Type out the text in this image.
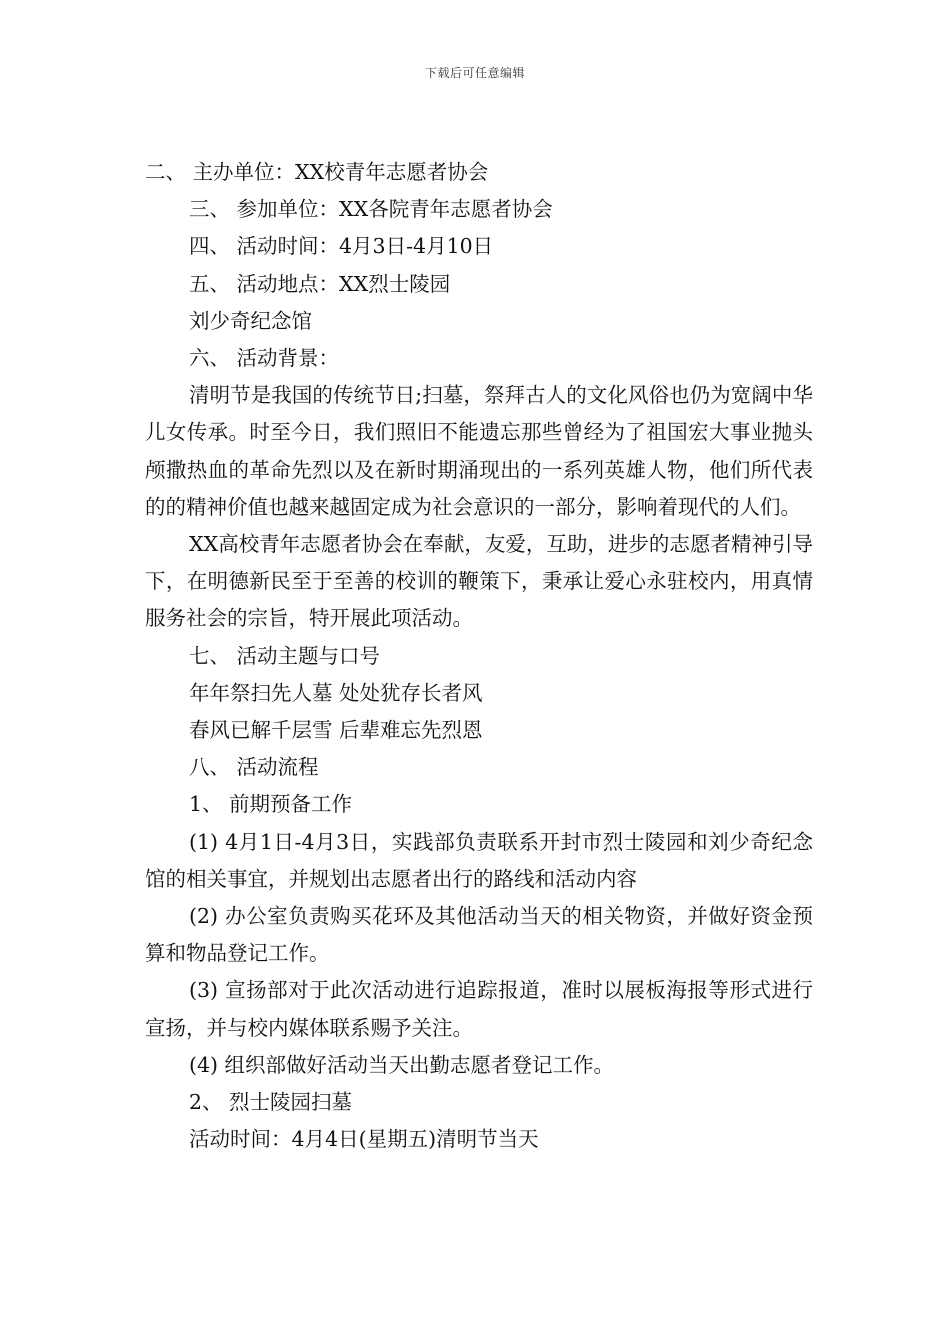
下载后可任意编辑

二、 主办单位：XX校青年志愿者协会

三、 参加单位：XX各院青年志愿者协会

四、 活动时间：4月3日-4月10日

五、 活动地点：XX烈士陵园

刘少奇纪念馆

六、 活动背景：

清明节是我国的传统节日;扫墓，祭拜古人的文化风俗也仍为宽阔中华儿女传承。时至今日，我们照旧不能遗忘那些曾经为了祖国宏大事业抛头颅撒热血的革命先烈以及在新时期涌现出的一系列英雄人物，他们所代表的的精神价值也越来越固定成为社会意识的一部分，影响着现代的人们。

XX高校青年志愿者协会在奉献，友爱，互助，进步的志愿者精神引导下，在明德新民至于至善的校训的鞭策下，秉承让爱心永驻校内，用真情服务社会的宗旨，特开展此项活动。

七、 活动主题与口号

年年祭扫先人墓 处处犹存长者风

春风已解千层雪 后辈难忘先烈恩

八、 活动流程

1、 前期预备工作

(1) 4月1日-4月3日，实践部负责联系开封市烈士陵园和刘少奇纪念馆的相关事宜，并规划出志愿者出行的路线和活动内容

(2) 办公室负责购买花环及其他活动当天的相关物资，并做好资金预算和物品登记工作。

(3) 宣扬部对于此次活动进行追踪报道，准时以展板海报等形式进行宣扬，并与校内媒体联系赐予关注。

(4) 组织部做好活动当天出勤志愿者登记工作。

2、 烈士陵园扫墓

活动时间：4月4日(星期五)清明节当天
